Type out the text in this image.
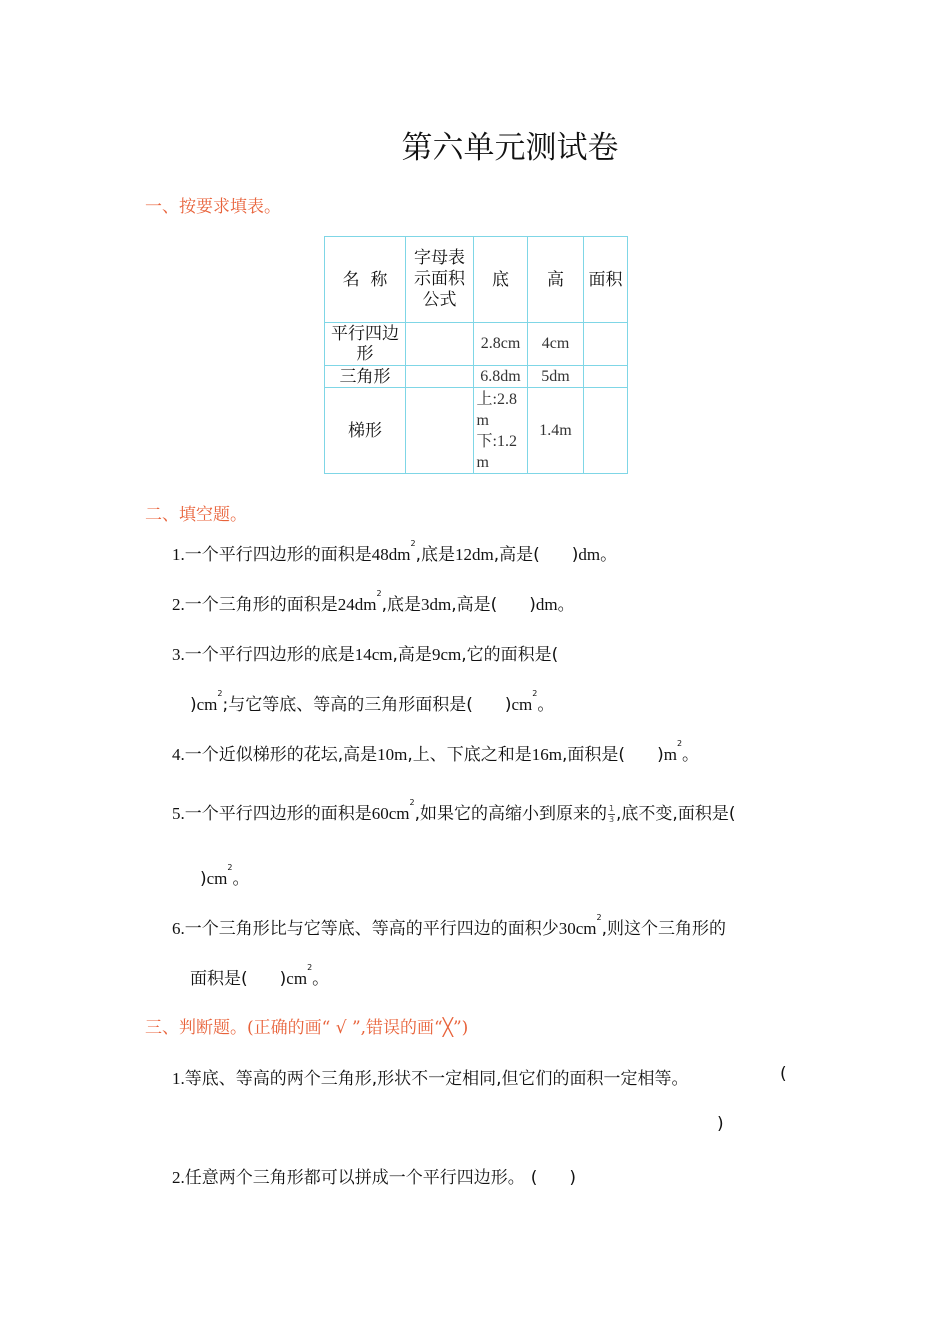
第六单元测试卷
一、按要求填表。
名  称	字母表示面积公式	底	高	面积

平行四边形		2.8cm	4cm	
三角形		6.8dm	5dm	
梯形		上:2.8m
下:1.2m	1.4m	
二、填空题。
1.一个平行四边形的面积是$48dm^2$,底是12dm,高是( )dm。
2.一个三角形的面积是$24dm^2$,底是3dm,高是( )dm。
3.一个平行四边形的底是14cm,高是9cm,它的面积是(
)$cm^2$;与它等底、等高的三角形面积是( )$cm^2$。
4.一个近似梯形的花坛,高是10m,上、下底之和是16m,面积是( )$m^2$。
5.一个平行四边形的面积是$60cm^2$,如果它的高缩小到原来的 $\frac{1}{3}$ ,底不变,面积是(
)$cm^2$。
6.一个三角形比与它等底、等高的平行四边的面积少$30cm^2$,则这个三角形的
面积是( )$cm^2$。
三、判断题。(正确的画“ √ ”,错误的画“╳”)
1.等底、等高的两个三角形,形状不一定相同,但它们的面积一定相等。	(
)
2.任意两个三角形都可以拼成一个平行四边形。 ( )
